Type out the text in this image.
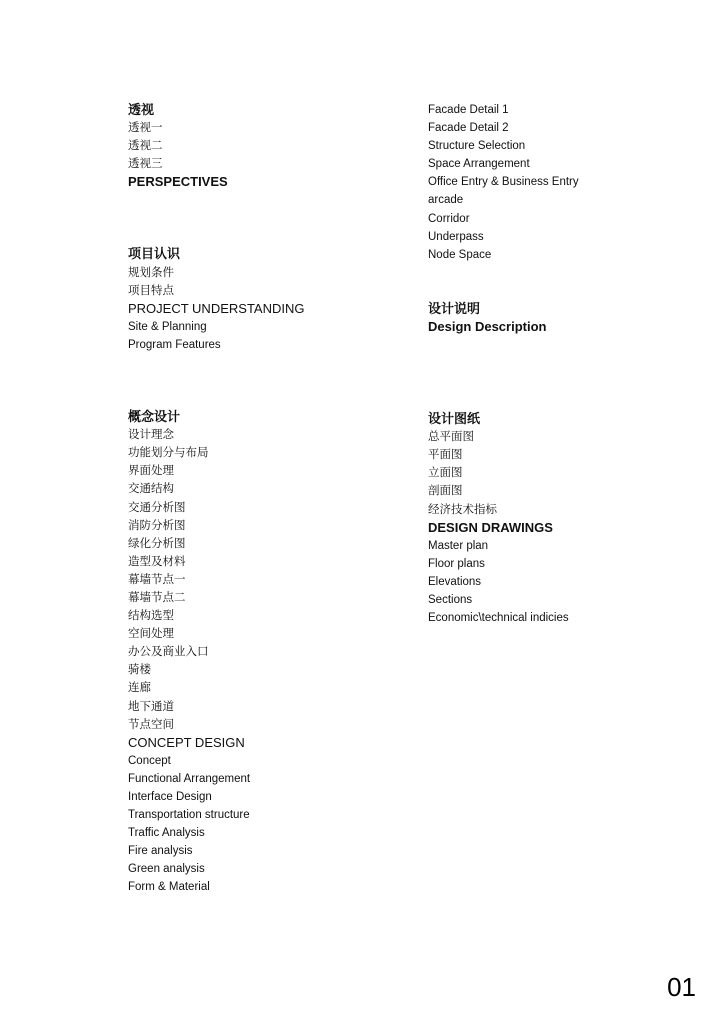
透视
透视一
透视二
透视三
PERSPECTIVES
项目认识
规划条件
项目特点
PROJECT UNDERSTANDING
Site & Planning
Program Features
概念设计
设计理念
功能划分与布局
界面处理
交通结构
交通分析图
消防分析图
绿化分析图
造型及材料
幕墙节点一
幕墙节点二
结构选型
空间处理
办公及商业入口
骑楼
连廊
地下通道
节点空间
CONCEPT DESIGN
Concept
Functional Arrangement
Interface Design
Transportation structure
Traffic Analysis
Fire analysis
Green analysis
Form & Material
Facade Detail 1
Facade Detail 2
Structure Selection
Space Arrangement
Office Entry & Business Entry
arcade
Corridor
Underpass
Node Space
设计说明
Design Description
设计图纸
总平面图
平面图
立面图
剖面图
经济技术指标
DESIGN DRAWINGS
Master plan
Floor plans
Elevations
Sections
Economic\technical indicies
01
